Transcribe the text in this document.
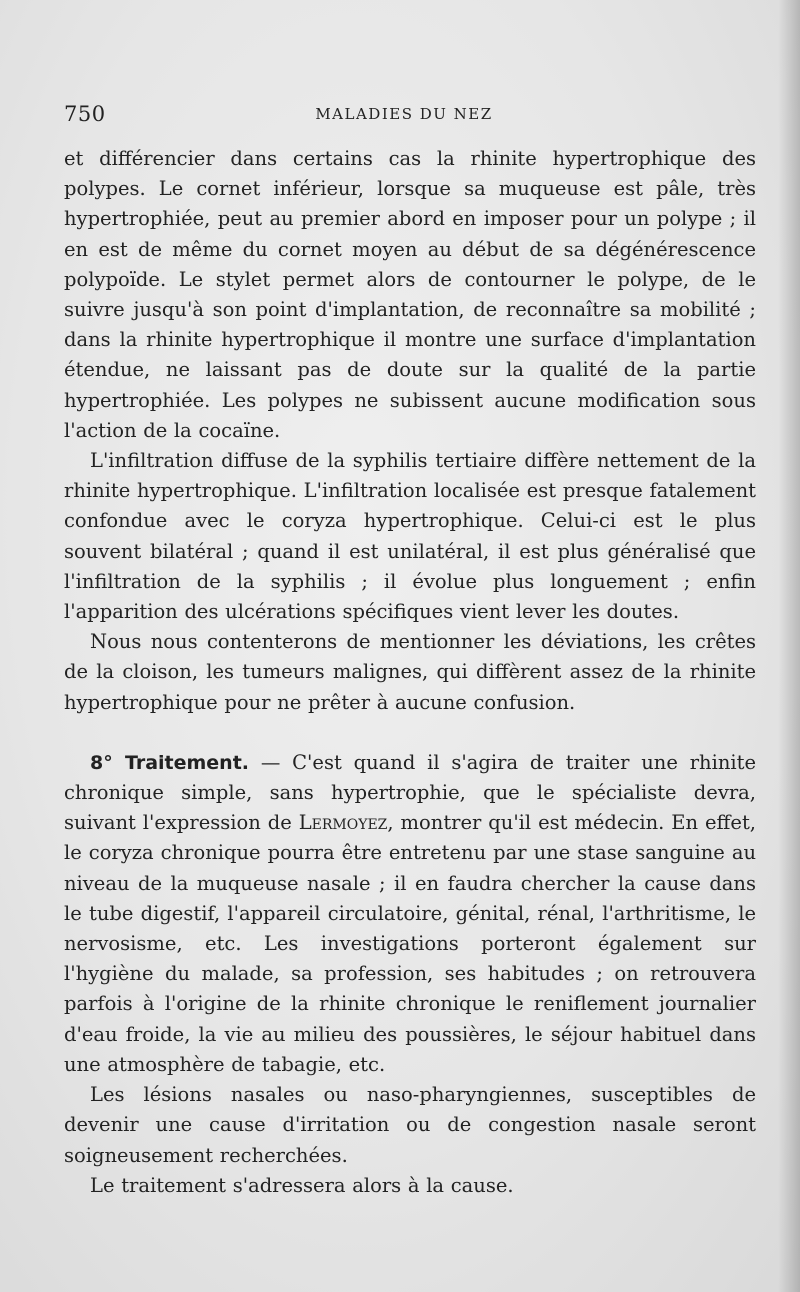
750	MALADIES DU NEZ

et différencier dans certains cas la rhinite hypertrophique des polypes. Le cornet inférieur, lorsque sa muqueuse est pâle, très hypertrophiée, peut au premier abord en imposer pour un polype ; il en est de même du cornet moyen au début de sa dégénérescence polypoïde. Le stylet permet alors de contourner le polype, de le suivre jusqu'à son point d'implantation, de reconnaître sa mobilité ; dans la rhinite hypertrophique il montre une surface d'implantation étendue, ne laissant pas de doute sur la qualité de la partie hypertrophiée. Les polypes ne subissent aucune modification sous l'action de la cocaïne.

L'infiltration diffuse de la syphilis tertiaire diffère nettement de la rhinite hypertrophique. L'infiltration localisée est presque fatalement confondue avec le coryza hypertrophique. Celui-ci est le plus souvent bilatéral ; quand il est unilatéral, il est plus généralisé que l'infiltration de la syphilis ; il évolue plus longuement ; enfin l'apparition des ulcérations spécifiques vient lever les doutes.

Nous nous contenterons de mentionner les déviations, les crêtes de la cloison, les tumeurs malignes, qui diffèrent assez de la rhinite hypertrophique pour ne prêter à aucune confusion.

8° Traitement. — C'est quand il s'agira de traiter une rhinite chronique simple, sans hypertrophie, que le spécialiste devra, suivant l'expression de Lermoyez, montrer qu'il est médecin. En effet, le coryza chronique pourra être entretenu par une stase sanguine au niveau de la muqueuse nasale ; il en faudra chercher la cause dans le tube digestif, l'appareil circulatoire, génital, rénal, l'arthritisme, le nervosisme, etc. Les investigations porteront également sur l'hygiène du malade, sa profession, ses habitudes ; on retrouvera parfois à l'origine de la rhinite chronique le reniflement journalier d'eau froide, la vie au milieu des poussières, le séjour habituel dans une atmosphère de tabagie, etc.

Les lésions nasales ou naso-pharyngiennes, susceptibles de devenir une cause d'irritation ou de congestion nasale seront soigneusement recherchées.

Le traitement s'adressera alors à la cause.
